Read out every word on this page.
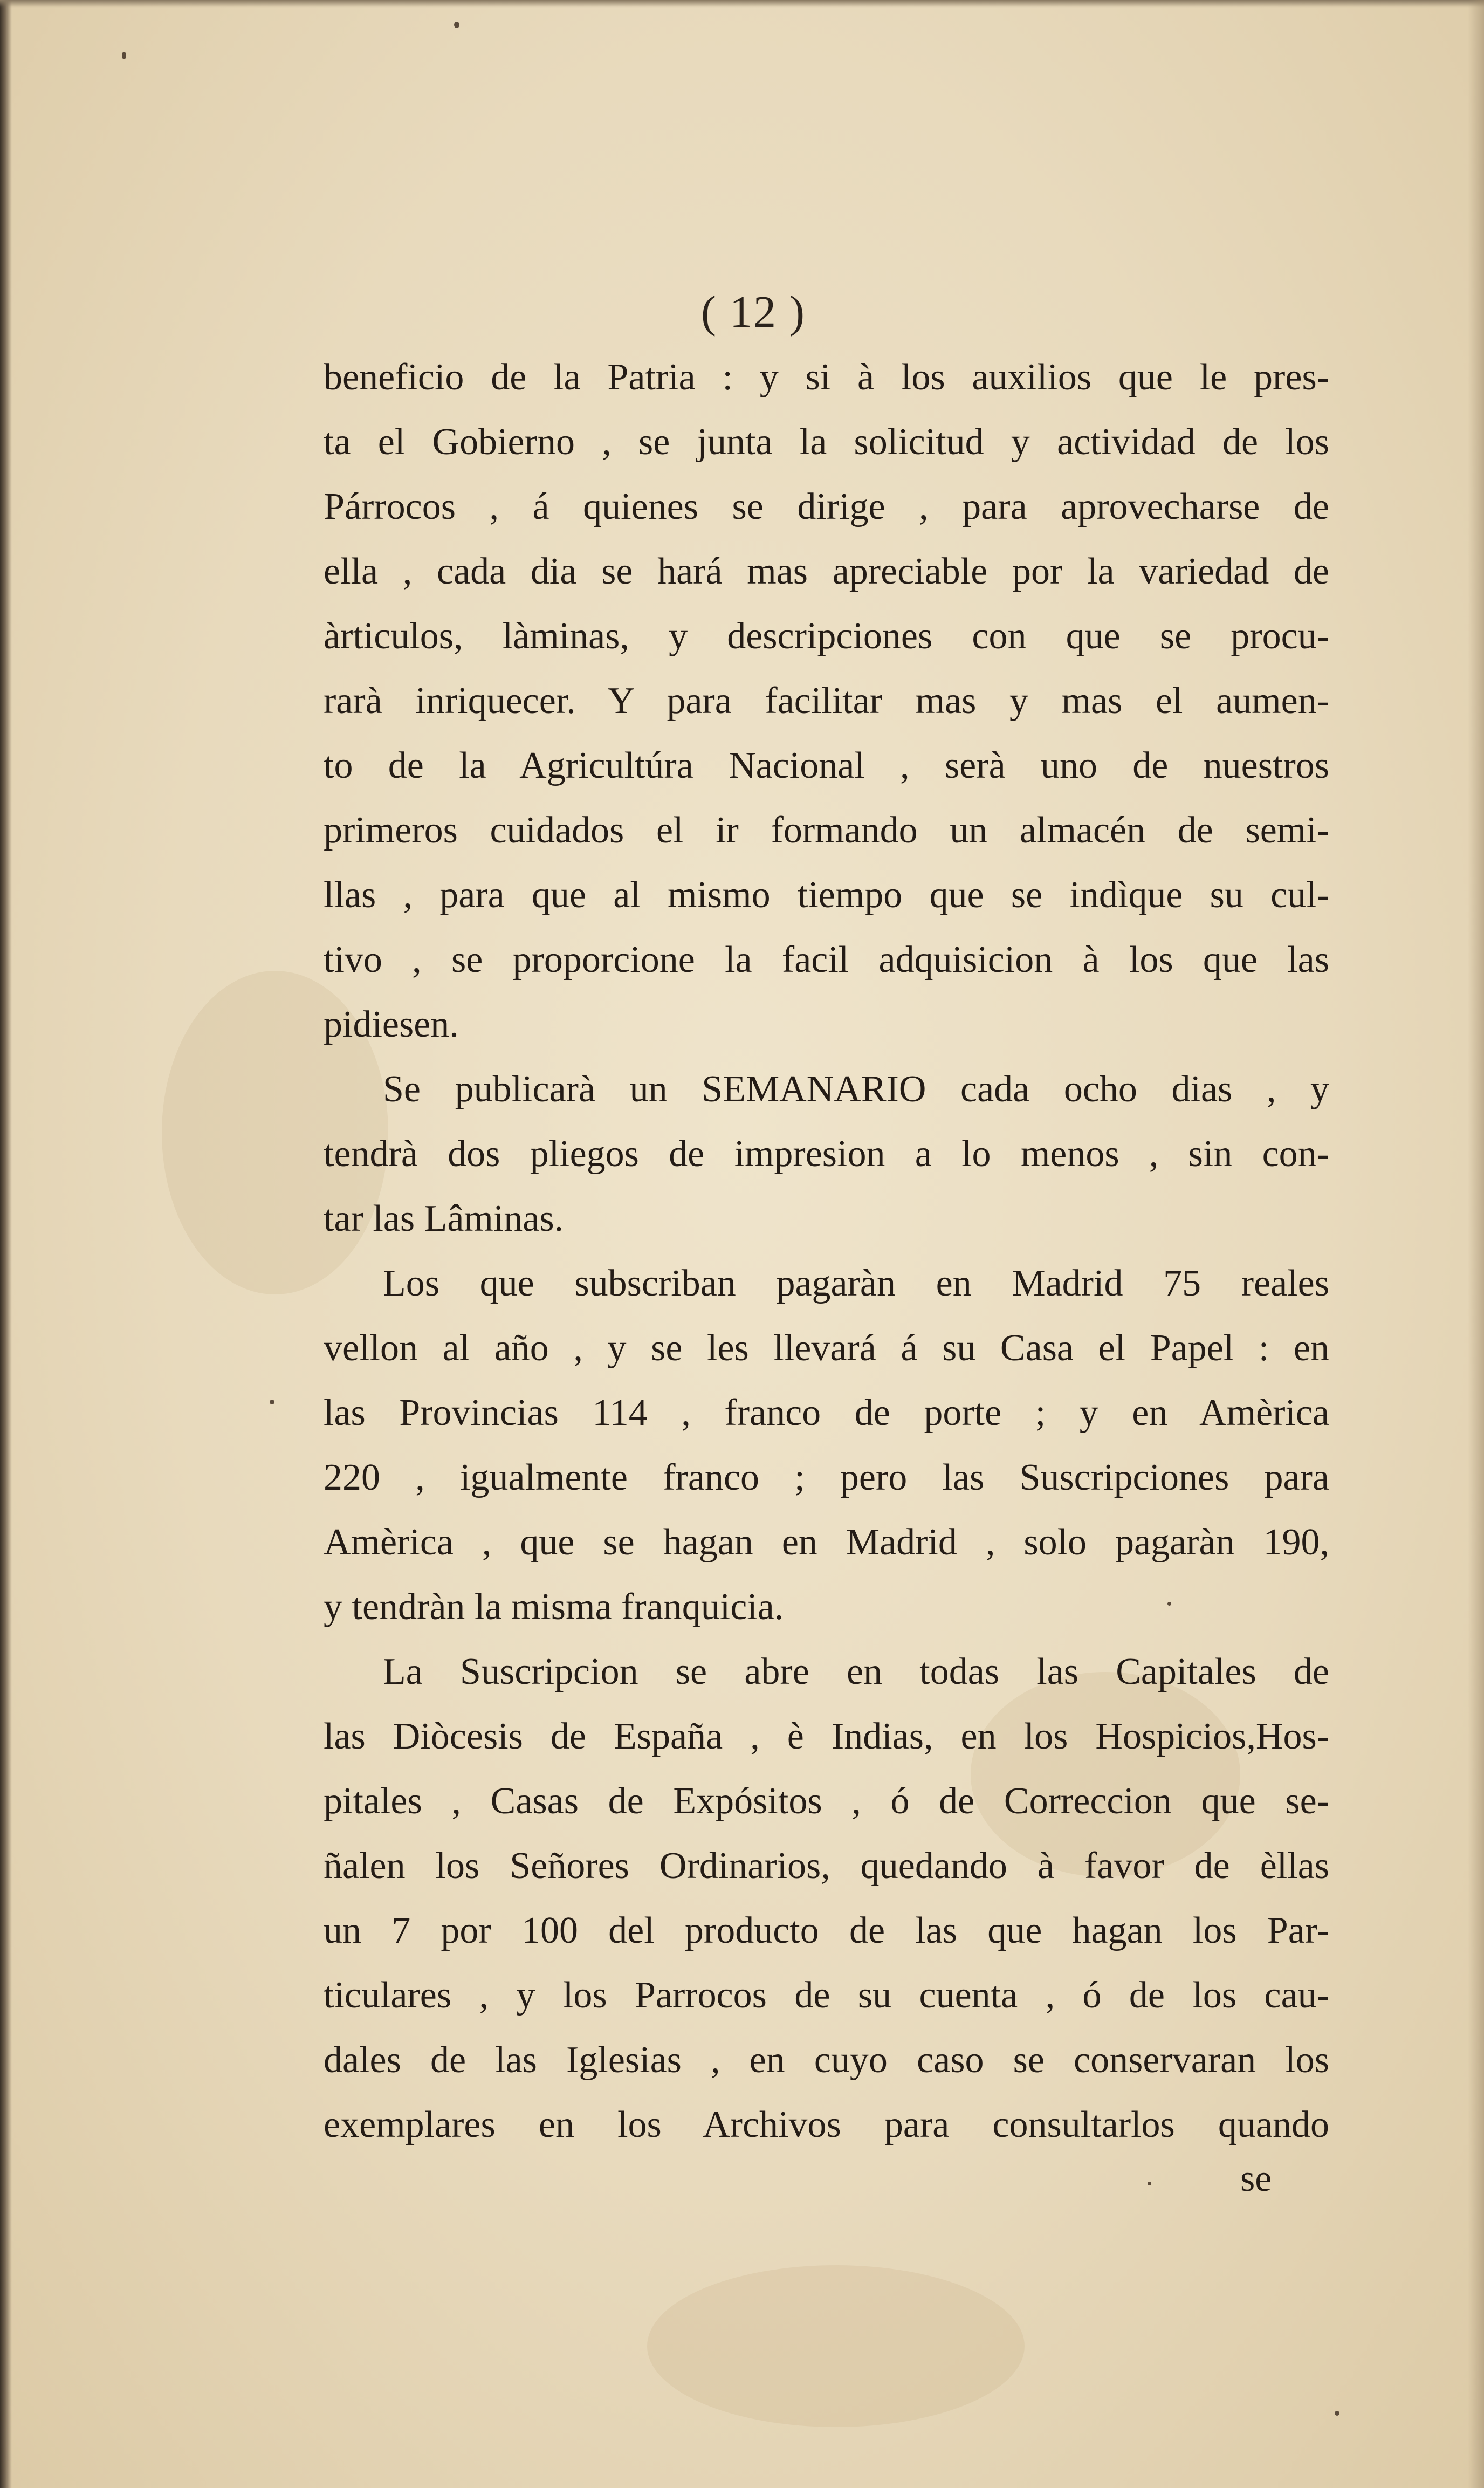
( 12 )
beneficio de la Patria : y si à los auxilios que le pres-
ta el Gobierno , se junta la solicitud y actividad de los
Párrocos , á quienes se dirige , para aprovecharse de
ella , cada dia se hará mas apreciable por la variedad de
àrticulos, làminas, y descripciones con que se procu-
rarà inriquecer. Y para facilitar mas y mas el aumen-
to de la Agricultúra Nacional , serà uno de nuestros
primeros cuidados el ir formando un almacén de semi-
llas , para que al mismo tiempo que se indìque su cul-
tivo , se proporcione la facil adquisicion à los que las
pidiesen.
Se publicarà un SEMANARIO cada ocho dias , y
tendrà dos pliegos de impresion a lo menos , sin con-
tar las Lâminas.
Los que subscriban pagaràn en Madrid 75 reales
vellon al año , y se les llevará á su Casa el Papel : en
las Provincias 114 , franco de porte ; y en Amèrica
220 , igualmente franco ; pero las Suscripciones para
Amèrica , que se hagan en Madrid , solo pagaràn 190,
y tendràn la misma franquicia.
La Suscripcion se abre en todas las Capitales de
las Diòcesis de España , è Indias, en los Hospicios,Hos-
pitales , Casas de Expósitos , ó de Correccion que se-
ñalen los Señores Ordinarios, quedando à favor de èllas
un 7 por 100 del producto de las que hagan los Par-
ticulares , y los Parrocos de su cuenta , ó de los cau-
dales de las Iglesias , en cuyo caso se conservaran los
exemplares en los Archivos para consultarlos quando
se
